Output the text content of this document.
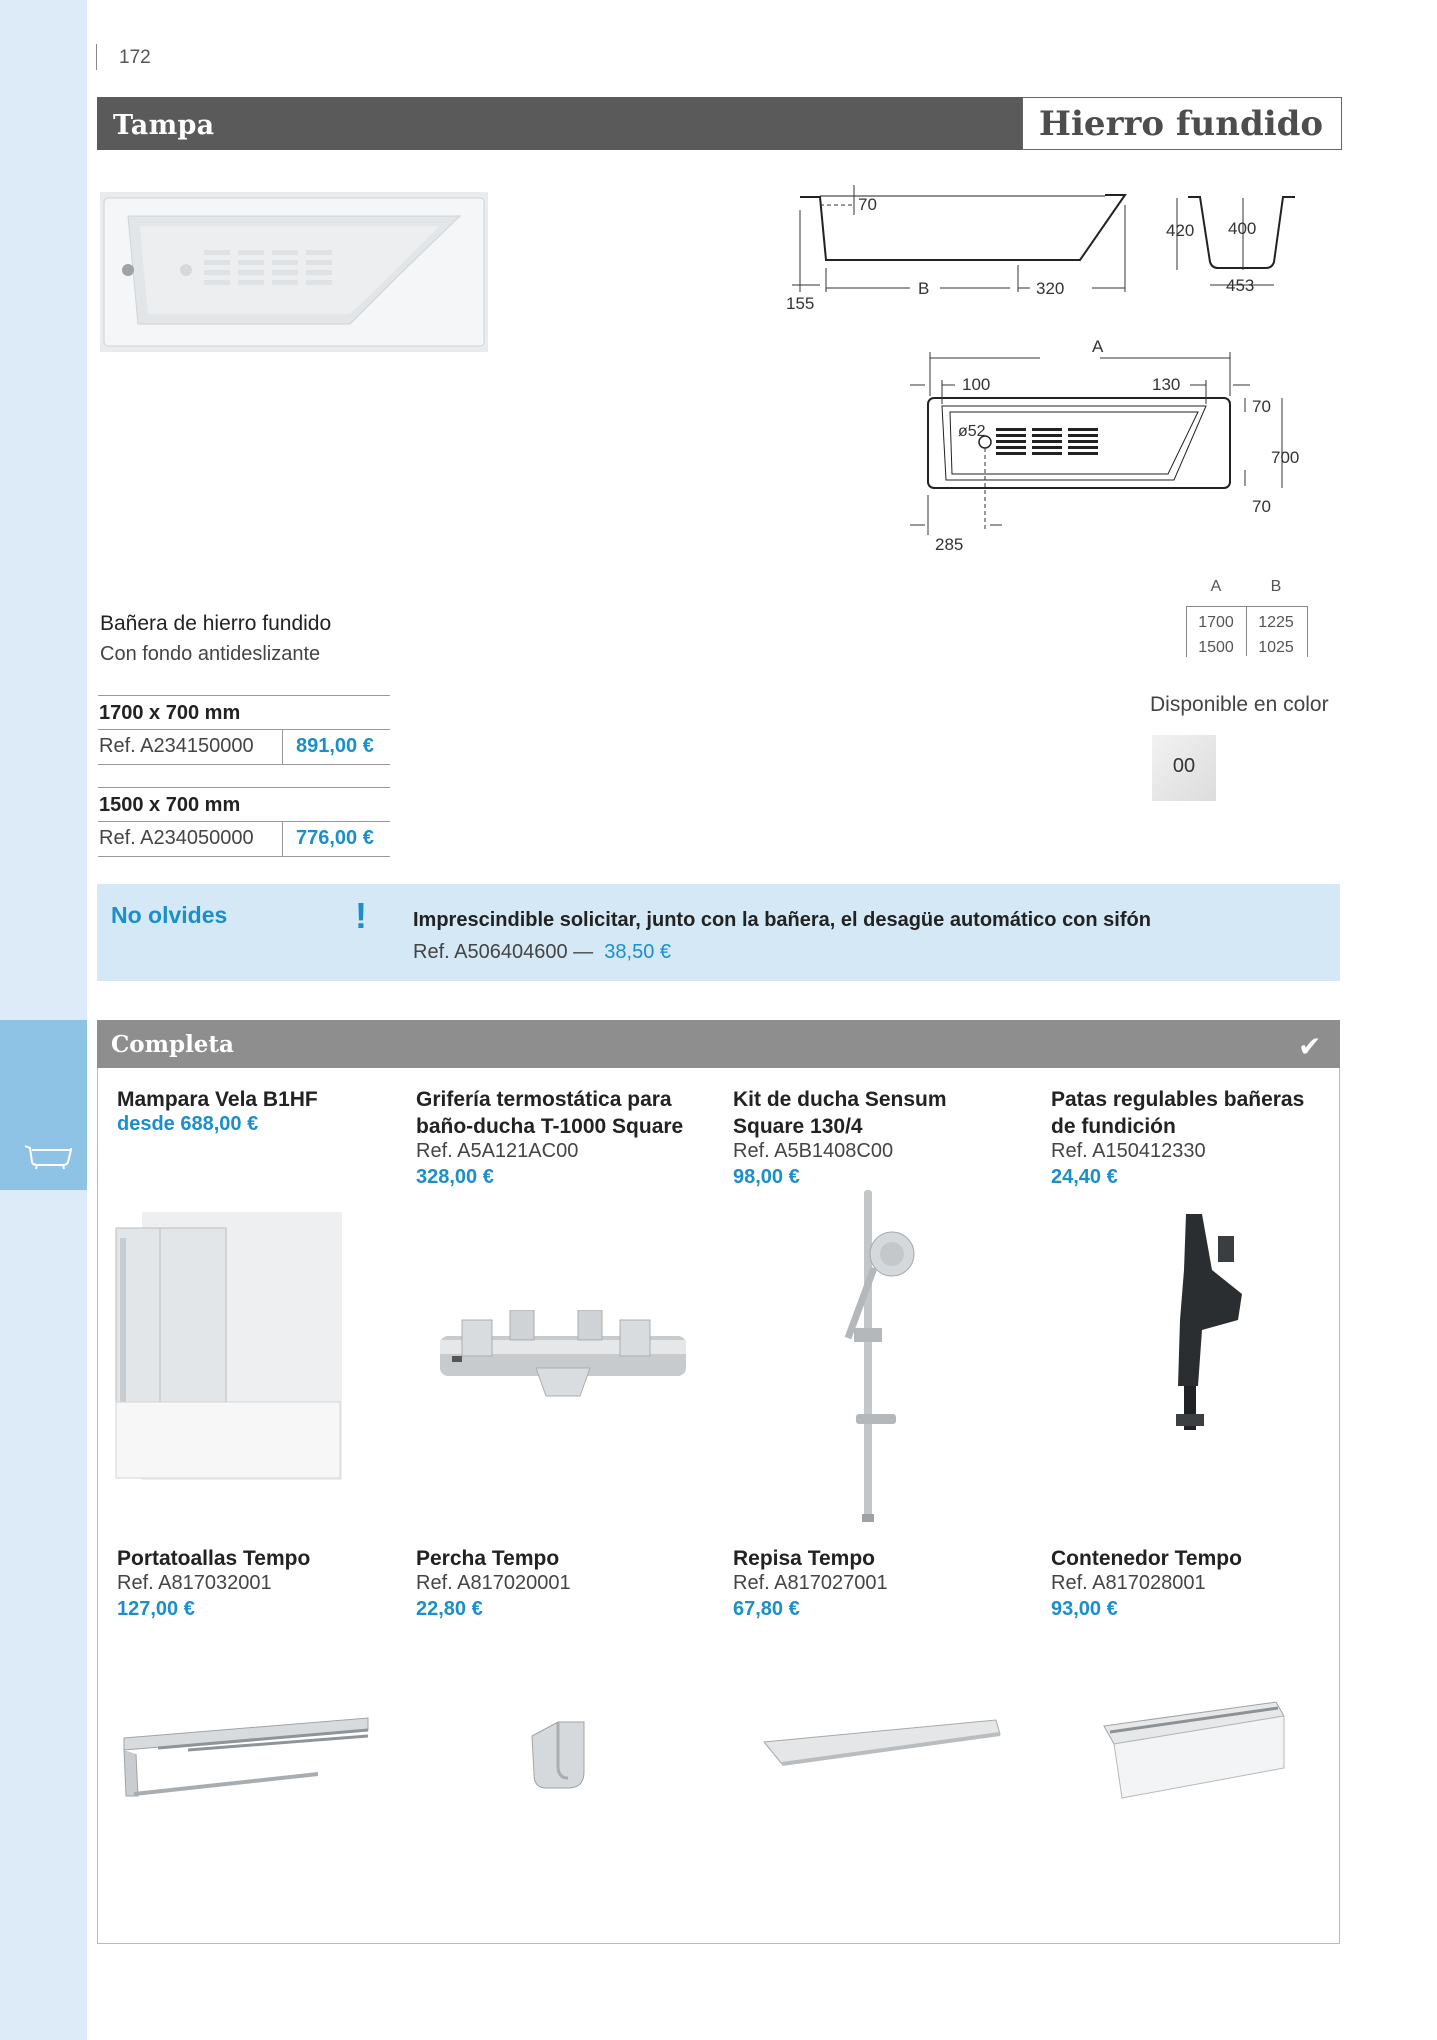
172
Tampa	Hierro fundido
70
155
B	320
420 400
453
A
100	130
ø52
70
700
70
285
A	B
1700	1225
1500	1025
Bañera de hierro fundido
Con fondo antideslizante
1700 x 700 mm
Ref. A234150000 891,00 €
1500 x 700 mm
Ref. A234050000 776,00 €
Disponible en color
00
No olvides	! Imprescindible solicitar, junto con la bañera, el desagüe automático con sifón
Ref. A506404600 — 38,50 €
Completa	✔
Mampara Vela B1HF
desde 688,00 €
Grifería termostática para
baño-ducha T-1000 Square
Ref. A5A121AC00
328,00 €
Kit de ducha Sensum
Square 130/4
Ref. A5B1408C00
98,00 €
Patas regulables bañeras
de fundición
Ref. A150412330
24,40 €
Portatoallas Tempo
Ref. A817032001
127,00 €
Percha Tempo
Ref. A817020001
22,80 €
Repisa Tempo
Ref. A817027001
67,80 €
Contenedor Tempo
Ref. A817028001
93,00 €
